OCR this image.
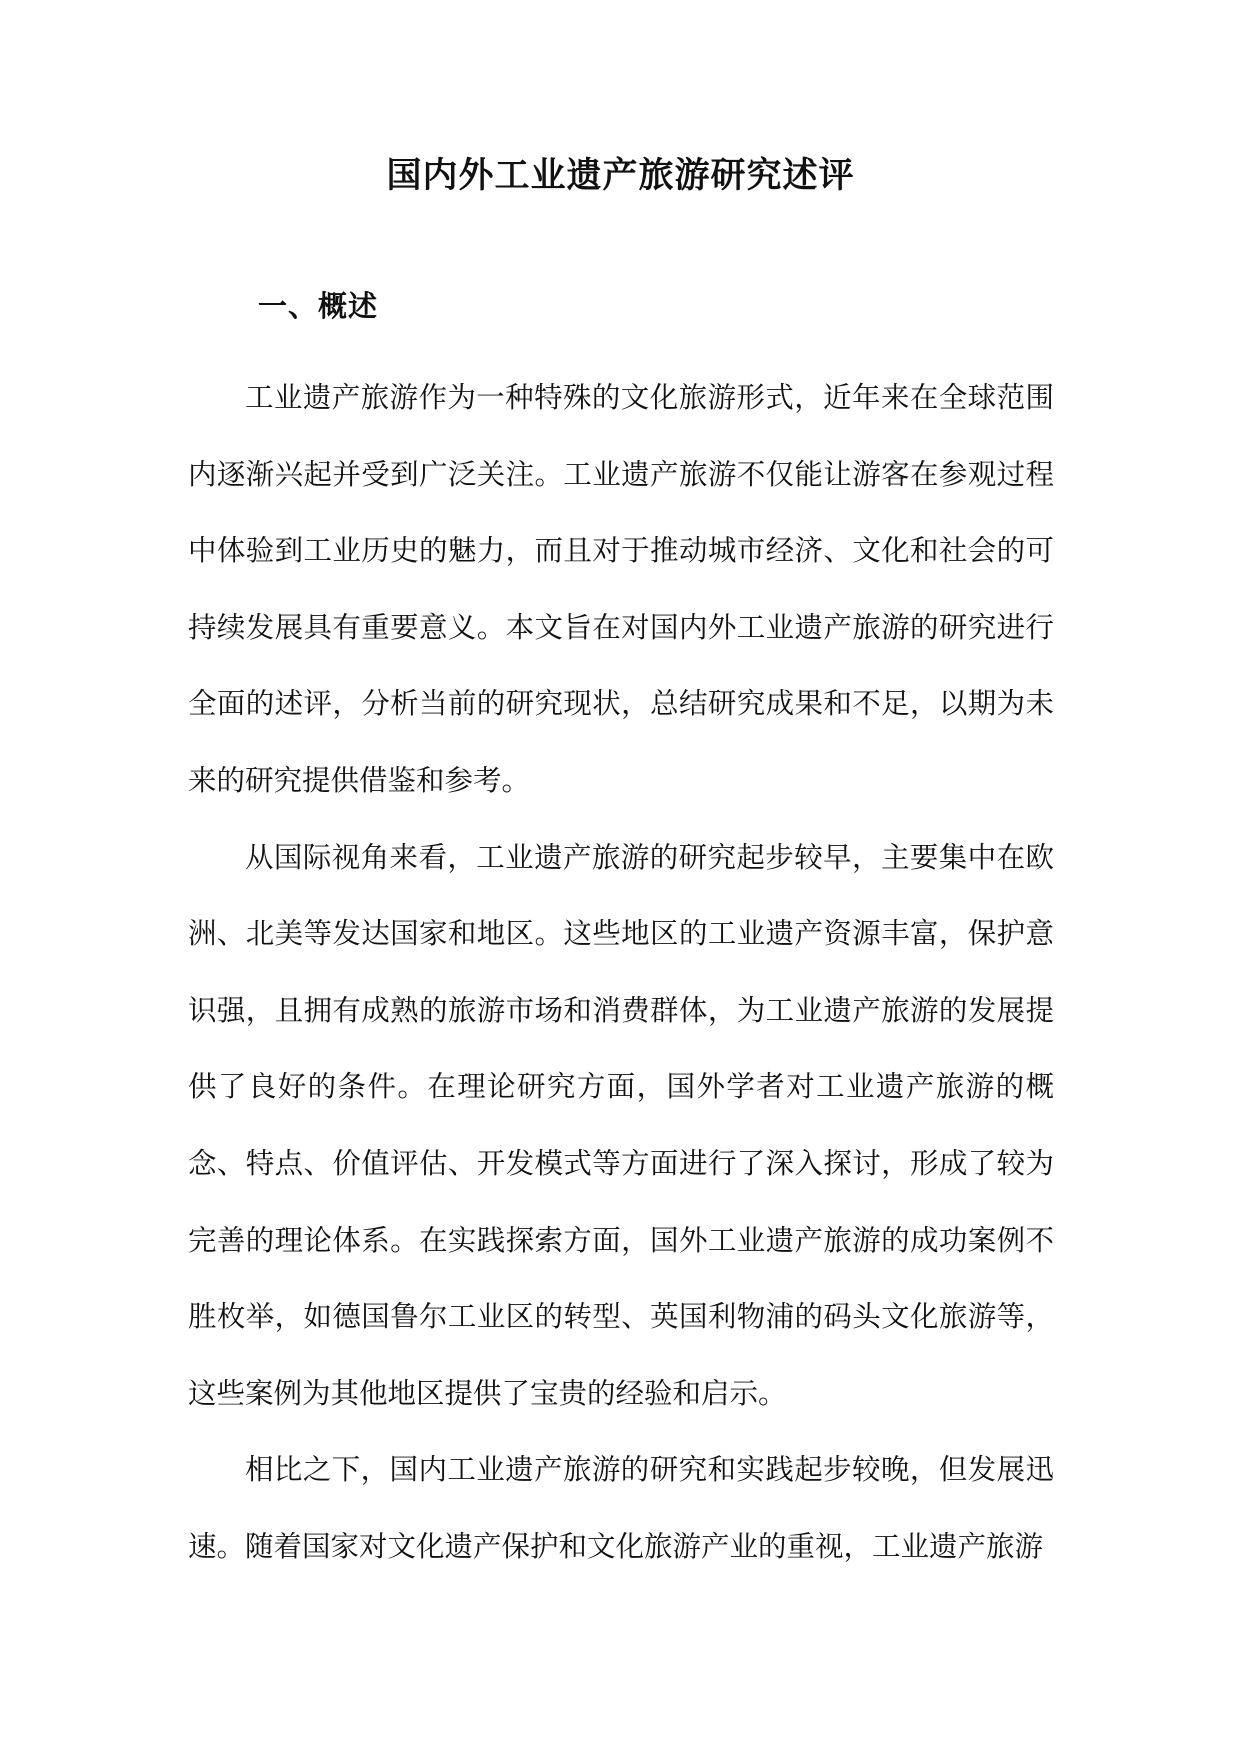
国内外工业遗产旅游研究述评
一、概述

工业遗产旅游作为一种特殊的文化旅游形式，近年来在全球范围内逐渐兴起并受到广泛关注。工业遗产旅游不仅能让游客在参观过程中体验到工业历史的魅力，而且对于推动城市经济、文化和社会的可持续发展具有重要意义。本文旨在对国内外工业遗产旅游的研究进行全面的述评，分析当前的研究现状，总结研究成果和不足，以期为未来的研究提供借鉴和参考。

从国际视角来看，工业遗产旅游的研究起步较早，主要集中在欧洲、北美等发达国家和地区。这些地区的工业遗产资源丰富，保护意识强，且拥有成熟的旅游市场和消费群体，为工业遗产旅游的发展提供了良好的条件。在理论研究方面，国外学者对工业遗产旅游的概念、特点、价值评估、开发模式等方面进行了深入探讨，形成了较为完善的理论体系。在实践探索方面，国外工业遗产旅游的成功案例不胜枚举，如德国鲁尔工业区的转型、英国利物浦的码头文化旅游等，这些案例为其他地区提供了宝贵的经验和启示。

相比之下，国内工业遗产旅游的研究和实践起步较晚，但发展迅速。随着国家对文化遗产保护和文化旅游产业的重视，工业遗产旅游
